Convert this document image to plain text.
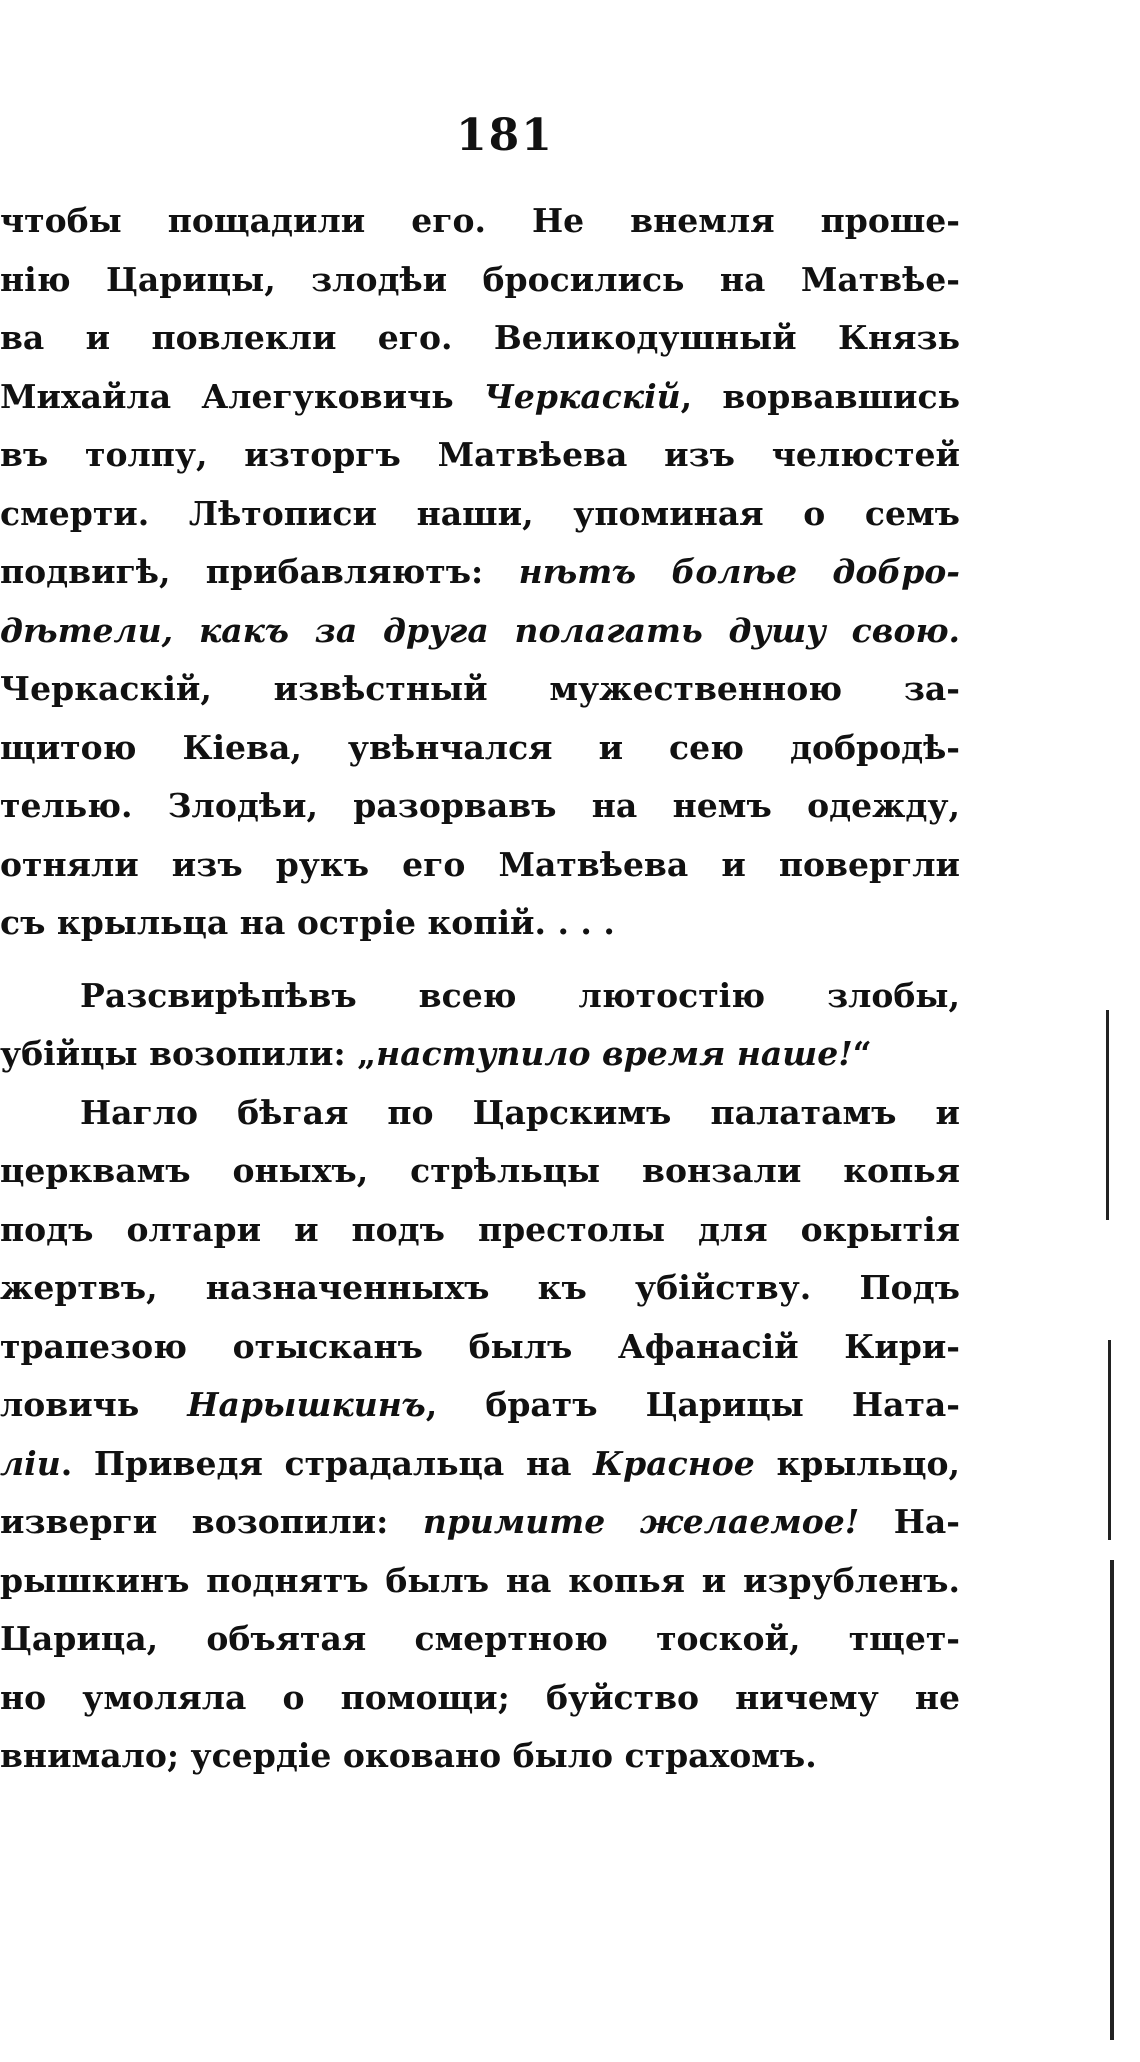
181
чтобы пощадили его. Не внемля проше-
нію Царицы, злодѣи бросились на Матвѣе-
ва и повлекли его. Великодушный Князь
Михайла Алегуковичь Черкаскій, ворвавшись
въ толпу, изторгъ Матвѣева изъ челюстей
смерти. Лѣтописи наши, упоминая о семъ
подвигѣ, прибавляютъ: нѣтъ болѣе добро-
дѣтели, какъ за друга полагать душу свою.
Черкаскій, извѣстный мужественною за-
щитою Кіева, увѣнчался и сею добродѣ-
телью. Злодѣи, разорвавъ на немъ одежду,
отняли изъ рукъ его Матвѣева и повергли
съ крыльца на остріе копій. . . .
Разсвирѣпѣвъ всею лютостію злобы,
убійцы возопили: „наступило время наше!“
Нагло бѣгая по Царскимъ палатамъ и
церквамъ оныхъ, стрѣльцы вонзали копья
подъ олтари и подъ престолы для окрытія
жертвъ, назначенныхъ къ убійству. Подъ
трапезою отысканъ былъ Афанасій Кири-
ловичь Нарышкинъ, братъ Царицы Ната-
ліи. Приведя страдальца на Красное крыльцо,
изверги возопили: примите желаемое! На-
рышкинъ поднятъ былъ на копья и изрубленъ.
Царица, объятая смертною тоской, тщет-
но умоляла о помощи; буйство ничему не
внимало; усердіе оковано было страхомъ.
